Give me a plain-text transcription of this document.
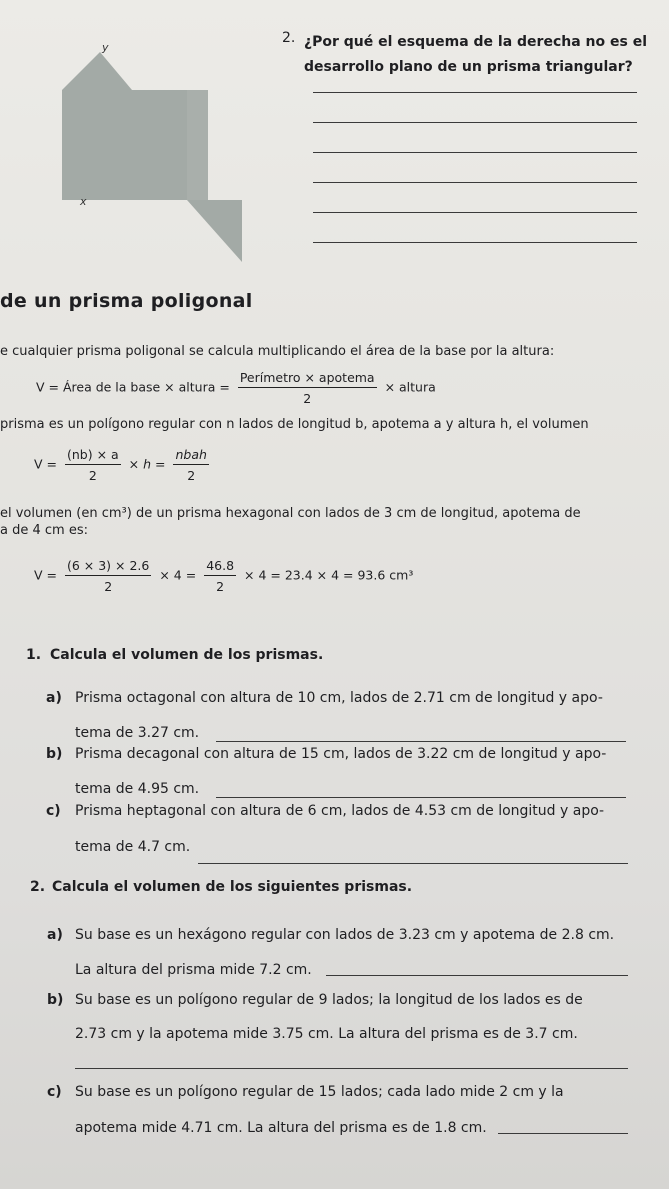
y
x
2. ¿Por qué el esquema de la derecha no es el desarrollo plano de un prisma triangular?
de un prisma poligonal
e cualquier prisma poligonal se calcula multiplicando el área de la base por la altura:
V = Área de la base × altura = $\frac{\text{Perímetro × apotema}}{2}$ × altura
prisma es un polígono regular con n lados de longitud b, apotema a y altura h, el volumen
$V = \frac{(nb) \times a}{2} \times h = \frac{\text{nbah}}{2}$
el volumen (en cm³) de un prisma hexagonal con lados de 3 cm de longitud, apotema de
a de 4 cm es:
$V = \frac{(6 \times 3) \times 2.6}{2} \times 4 = \frac{46.8}{2} \times 4 = 23.4 \times 4 = 93.6$ cm³
1. Calcula el volumen de los prismas.
a) Prisma octagonal con altura de 10 cm, lados de 2.71 cm de longitud y apo-
tema de 3.27 cm.
b) Prisma decagonal con altura de 15 cm, lados de 3.22 cm de longitud y apo-
tema de 4.95 cm.
c) Prisma heptagonal con altura de 6 cm, lados de 4.53 cm de longitud y apo-
tema de 4.7 cm.
2. Calcula el volumen de los siguientes prismas.
a) Su base es un hexágono regular con lados de 3.23 cm y apotema de 2.8 cm.
La altura del prisma mide 7.2 cm.
b) Su base es un polígono regular de 9 lados; la longitud de los lados es de
2.73 cm y la apotema mide 3.75 cm. La altura del prisma es de 3.7 cm.
c) Su base es un polígono regular de 15 lados; cada lado mide 2 cm y la
apotema mide 4.71 cm. La altura del prisma es de 1.8 cm.
